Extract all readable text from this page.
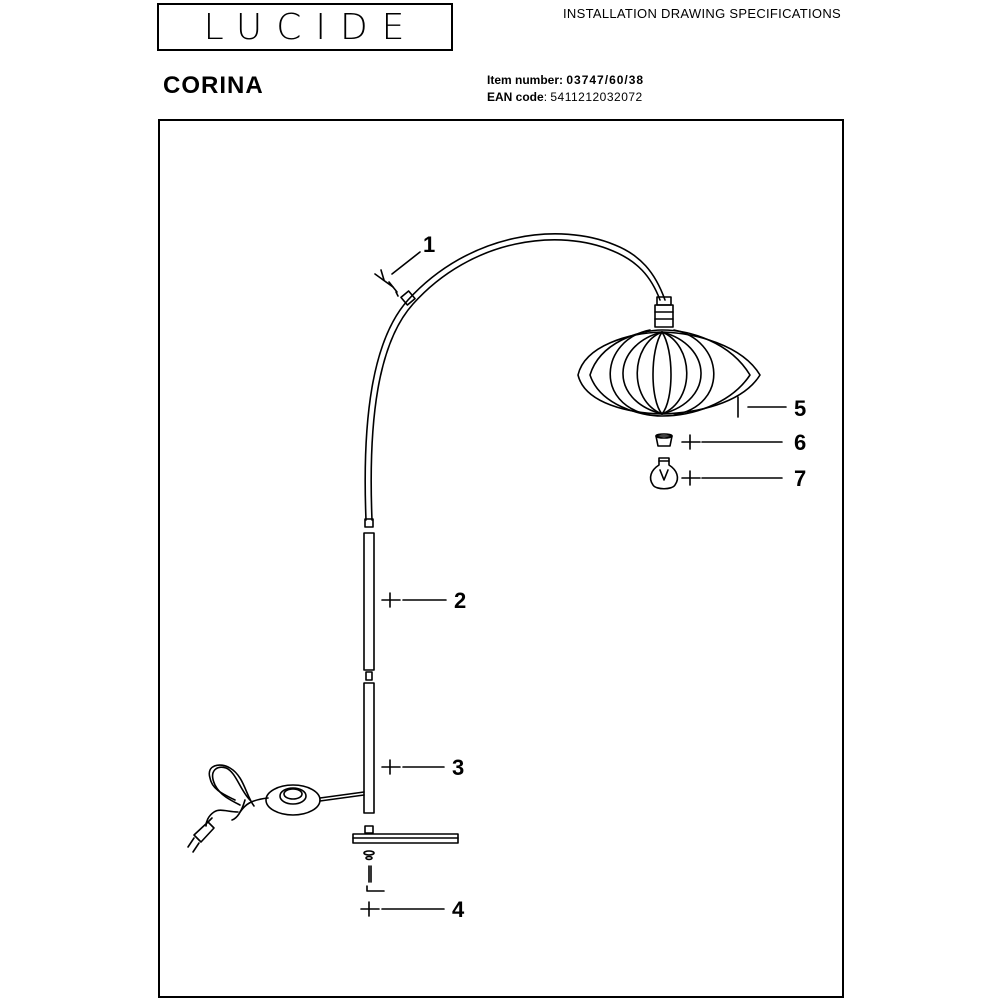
LUCIDE	INSTALLATION DRAWING SPECIFICATIONS
CORINA	Item number: 03747/60/38
EAN code: 5411212032072
1
5
6
7
2
3
4
